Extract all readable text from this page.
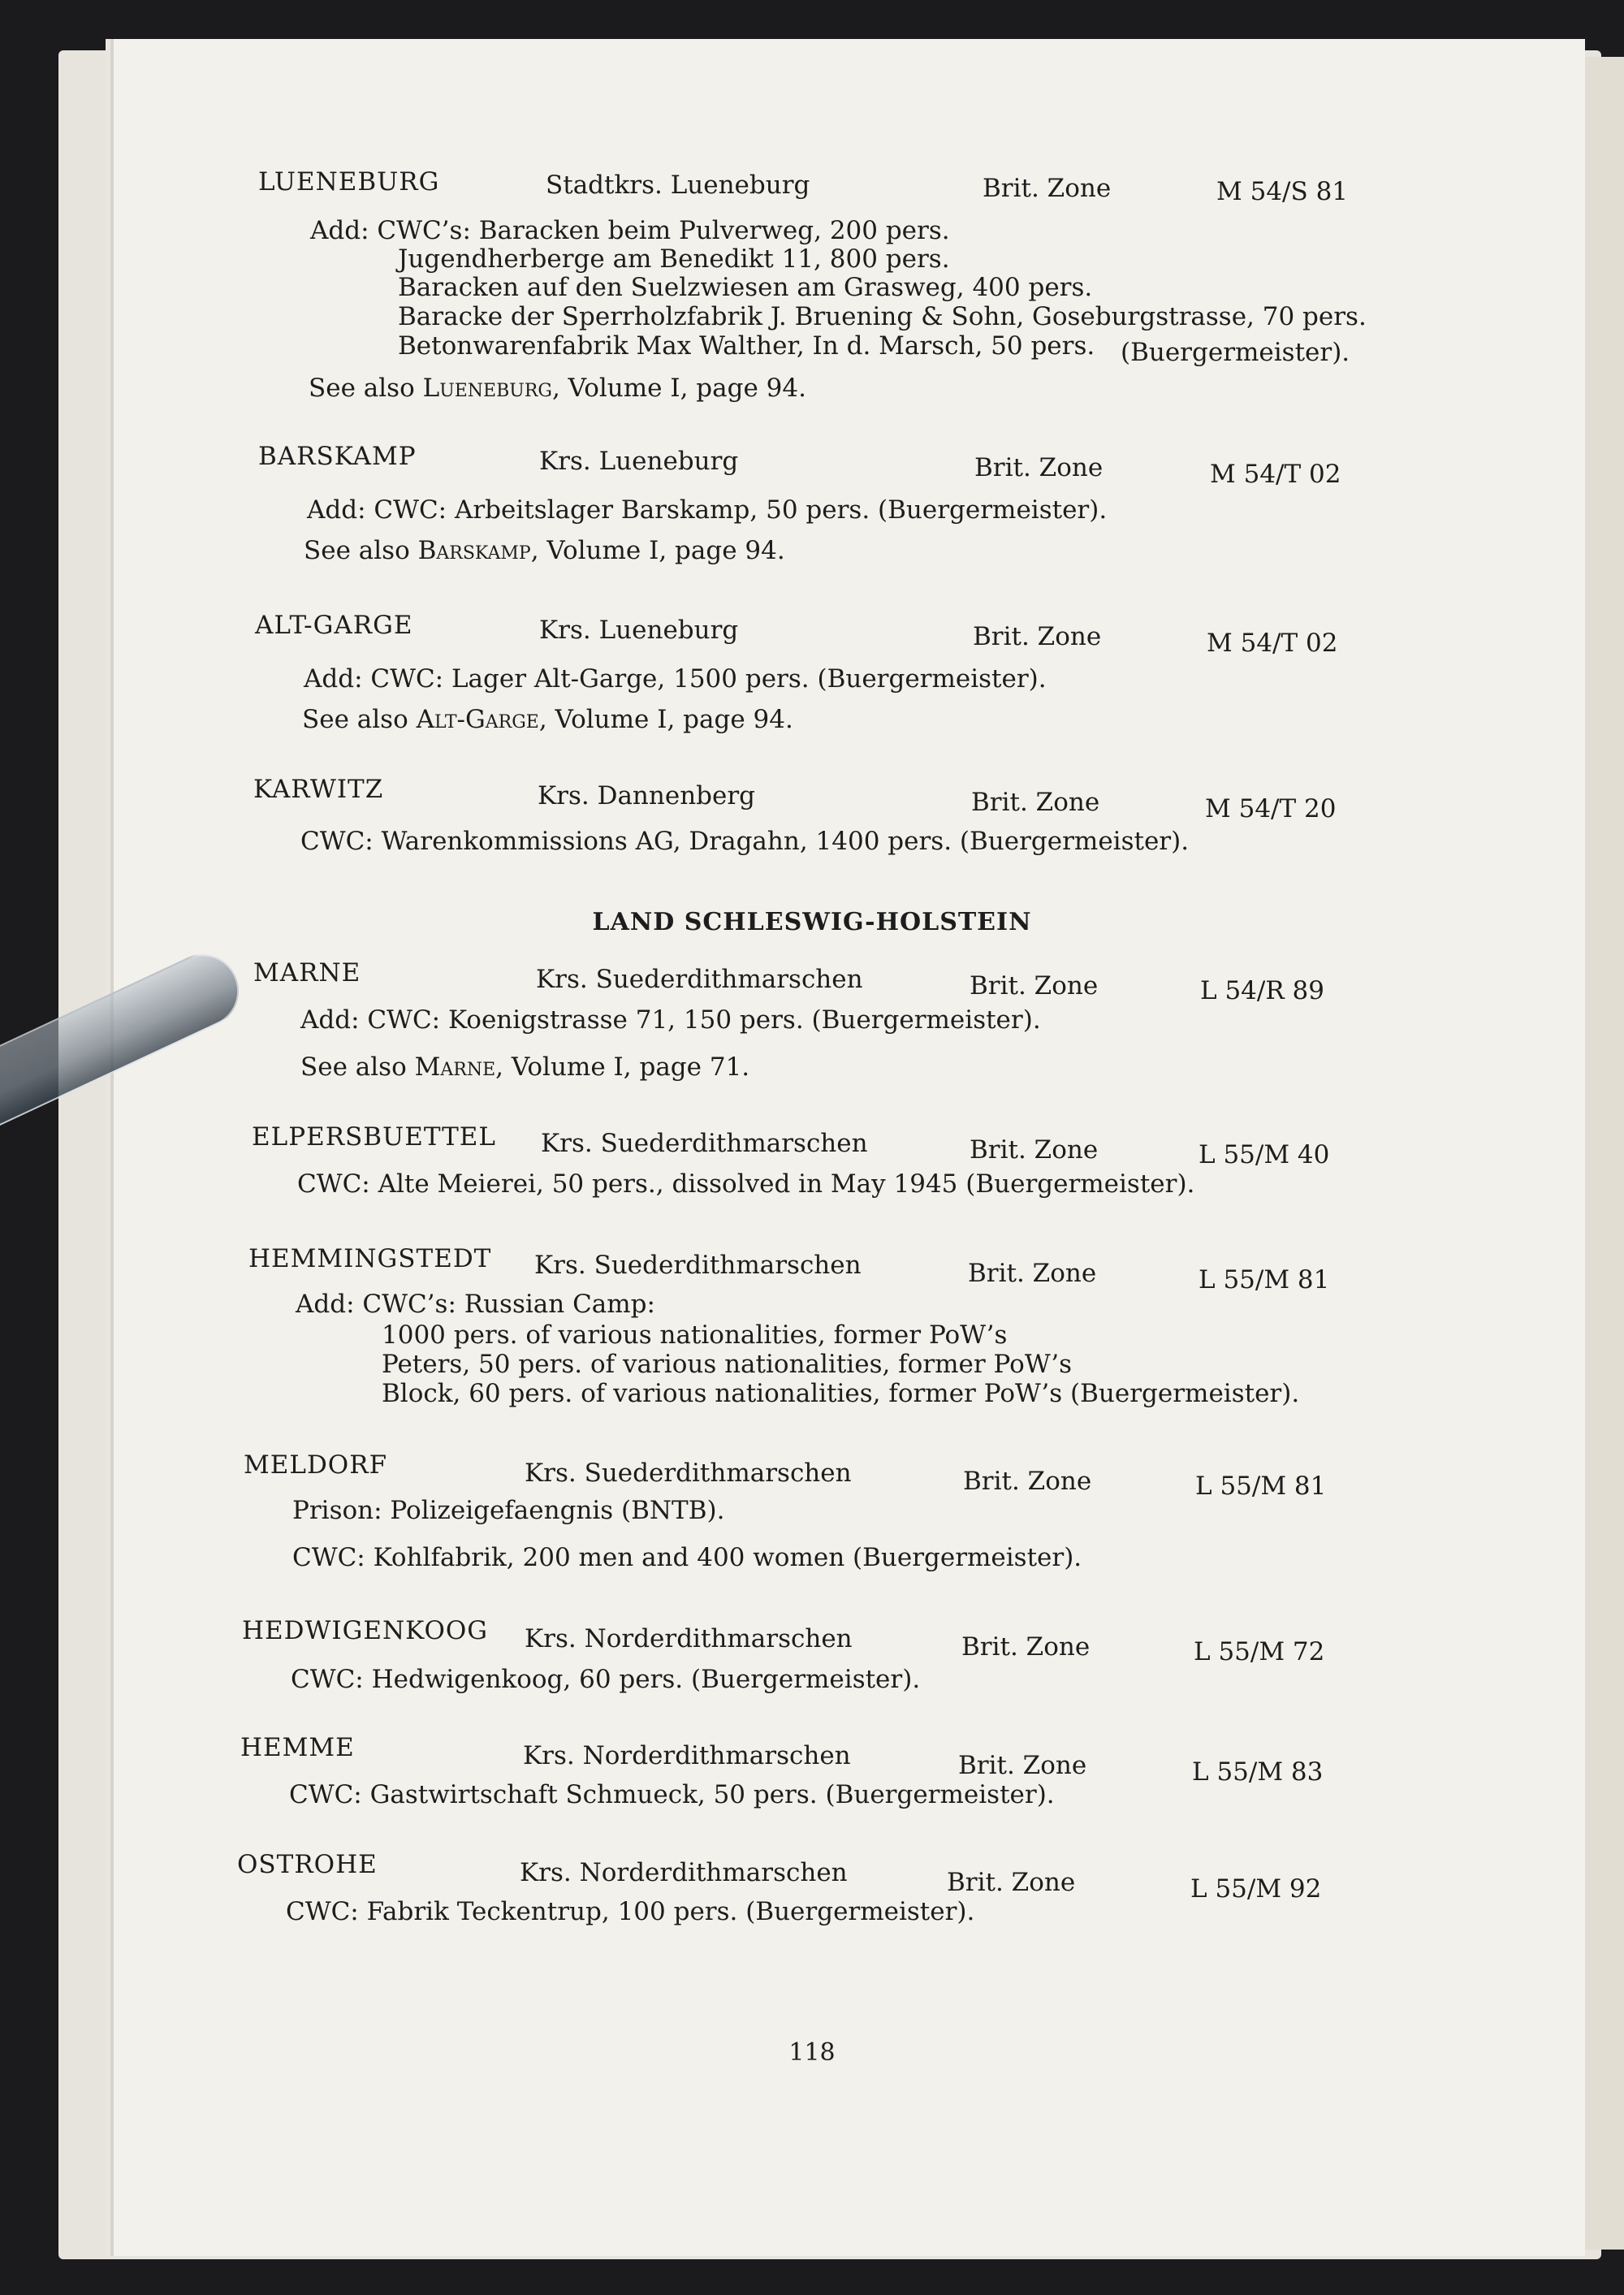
LUENEBURG	Stadtkrs. Lueneburg	Brit. Zone	M 54/S 81
Add: CWC’s: Baracken beim Pulverweg, 200 pers.
Jugendherberge am Benedikt 11, 800 pers.
Baracken auf den Suelzwiesen am Grasweg, 400 pers.
Baracke der Sperrholzfabrik J. Bruening & Sohn, Goseburgstrasse, 70 pers.
Betonwarenfabrik Max Walther, In d. Marsch, 50 pers. (Buergermeister).
See also Lueneburg, Volume I, page 94.
BARSKAMP	Krs. Lueneburg	Brit. Zone	M 54/T 02
Add: CWC: Arbeitslager Barskamp, 50 pers. (Buergermeister).
See also Barskamp, Volume I, page 94.
ALT-GARGE	Krs. Lueneburg	Brit. Zone	M 54/T 02
Add: CWC: Lager Alt-Garge, 1500 pers. (Buergermeister).
See also Alt-Garge, Volume I, page 94.
KARWITZ	Krs. Dannenberg	Brit. Zone	M 54/T 20
CWC: Warenkommissions AG, Dragahn, 1400 pers. (Buergermeister).
LAND SCHLESWIG-HOLSTEIN
MARNE	Krs. Suederdithmarschen	Brit. Zone	L 54/R 89
Add: CWC: Koenigstrasse 71, 150 pers. (Buergermeister).
See also Marne, Volume I, page 71.
ELPERSBUETTEL Krs. Suederdithmarschen	Brit. Zone	L 55/M 40
CWC: Alte Meierei, 50 pers., dissolved in May 1945 (Buergermeister).
HEMMINGSTEDT Krs. Suederdithmarschen	Brit. Zone	L 55/M 81
Add: CWC’s: Russian Camp:
1000 pers. of various nationalities, former PoW’s
Peters, 50 pers. of various nationalities, former PoW’s
Block, 60 pers. of various nationalities, former PoW’s (Buergermeister).
MELDORF	Krs. Suederdithmarschen	Brit. Zone	L 55/M 81
Prison: Polizeigefaengnis (BNTB).
CWC: Kohlfabrik, 200 men and 400 women (Buergermeister).
HEDWIGENKOOG Krs. Norderdithmarschen	Brit. Zone	L 55/M 72
CWC: Hedwigenkoog, 60 pers. (Buergermeister).
HEMME	Krs. Norderdithmarschen	Brit. Zone	L 55/M 83
CWC: Gastwirtschaft Schmueck, 50 pers. (Buergermeister).
OSTROHE	Krs. Norderdithmarschen	Brit. Zone	L 55/M 92
CWC: Fabrik Teckentrup, 100 pers. (Buergermeister).
118
